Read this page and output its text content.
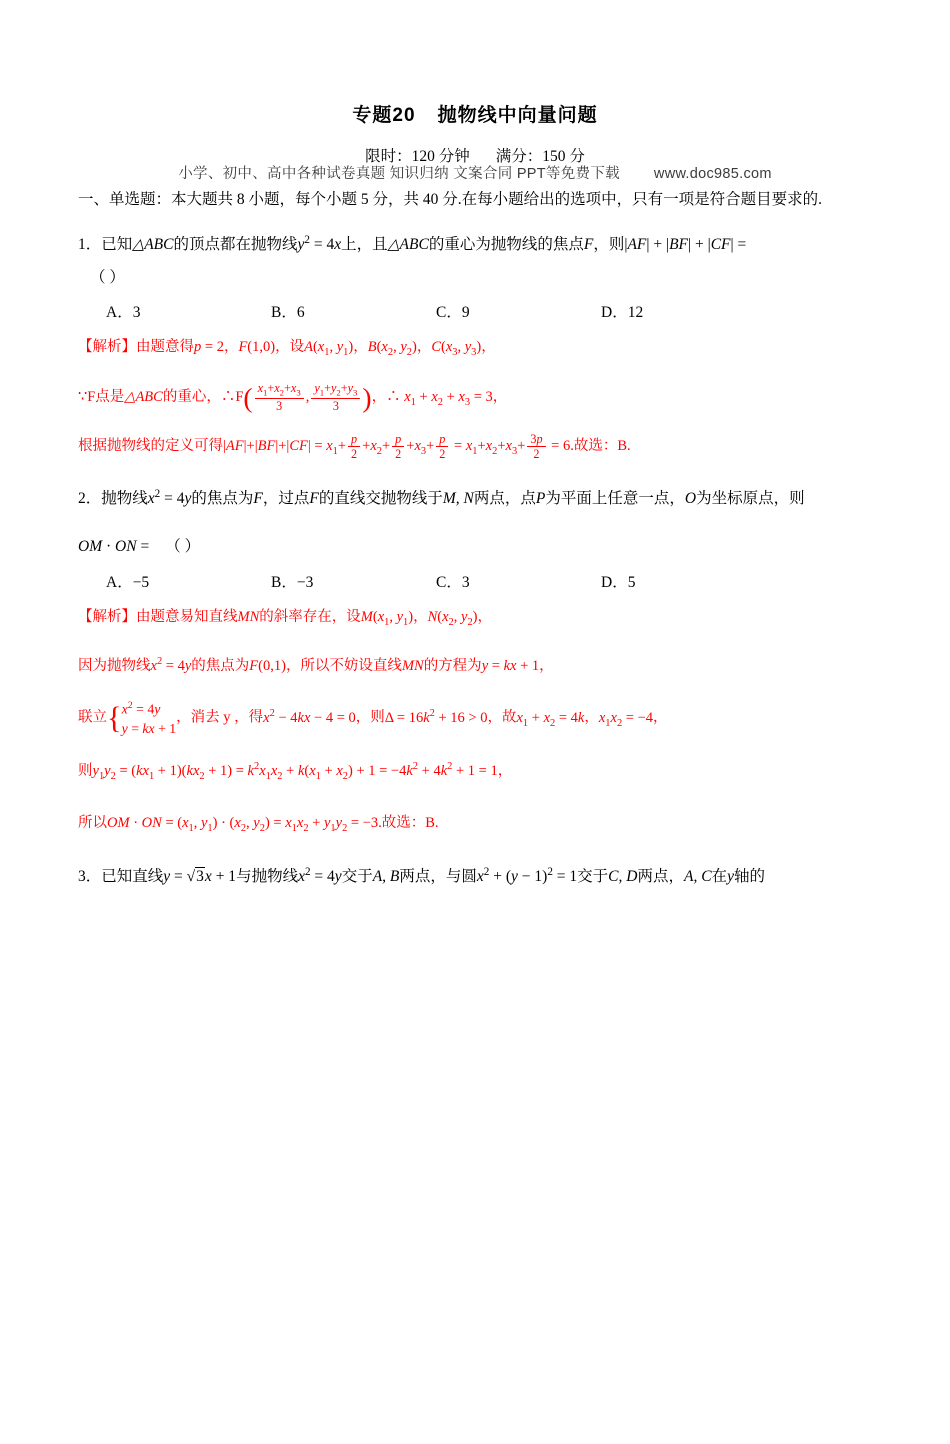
小学、初中、高中各种试卷真题 知识归纳 文案合同 PPT等免费下载 www.doc985.com
专题20 抛物线中向量问题
限时：120 分钟 满分：150 分
一、单选题：本大题共 8 小题，每个小题 5 分，共 40 分.在每小题给出的选项中，只有一项是符合题目要求的.
1．已知△ABC的顶点都在抛物线$y^2 = 4x$上，且△ABC的重心为抛物线的焦点F，则|AF| + |BF| + |CF| =
（ ）
A．3	B．6	C．9	D．12
【解析】由题意得p = 2，F(1,0)，设$A(x_1$, $y_1$)，$B(x_2$, $y_2$)，$C(x_3$, $y_3$)，
∵F点是△ABC的重心，∴F( $\frac{x_1+x_2+x_3}{3}$ , $\frac{y_1+y_2+y_3}{3}$ )，∴ $x_1 + x_2 + x_3 = 3$，
根据抛物线的定义可得$|AF|+|BF|+|CF| = x_1+ \frac{p}{2} +x_2+ \frac{p}{2} +x_3+ \frac{p}{2} = x_1+x_2+x_3+ \frac{3p}{2} = 6$.故选：B.
2．抛物线$x^2 = 4y$的焦点为F，过点F的直线交抛物线于M, N两点，点P为平面上任意一点，O为坐标原点，则
OM · ON = （ ）
A．−5	B．−3	C．3	D．5
【解析】由题意易知直线MN的斜率存在，设$M(x_1$, $y_1$)，$N(x_2$, $y_2$)，
因为抛物线$x^2 = 4y$的焦点为F(0,1)，所以不妨设直线MN的方程为y = kx + 1，
联立{ $x^2 = 4y$
y = kx + 1
，消去 y ，得$x^2 - 4kx - 4 = 0$，则$\Delta = 16k^2 + 16 > 0$，故$x_1 + x_2 = 4k$，$x_1x_2 = -4$，
则$y_1y_2 = (kx_1 + 1)(kx_2 + 1) = k^2x_1x_2 + k(x_1 + x_2) + 1 = -4k^2 + 4k^2 + 1 = 1$，
所以OM · ON = ($x_1$, $y_1) \cdot (x_2$, $y_2) = x_1x_2 + y_1y_2 = -3$.故选：B.
3．已知直线y = √3x + 1与抛物线$x^2 = 4y$交于A, B两点，与圆$x^2 + (y - 1)^2 = 1$交于C, D两点，A, C在y轴的
